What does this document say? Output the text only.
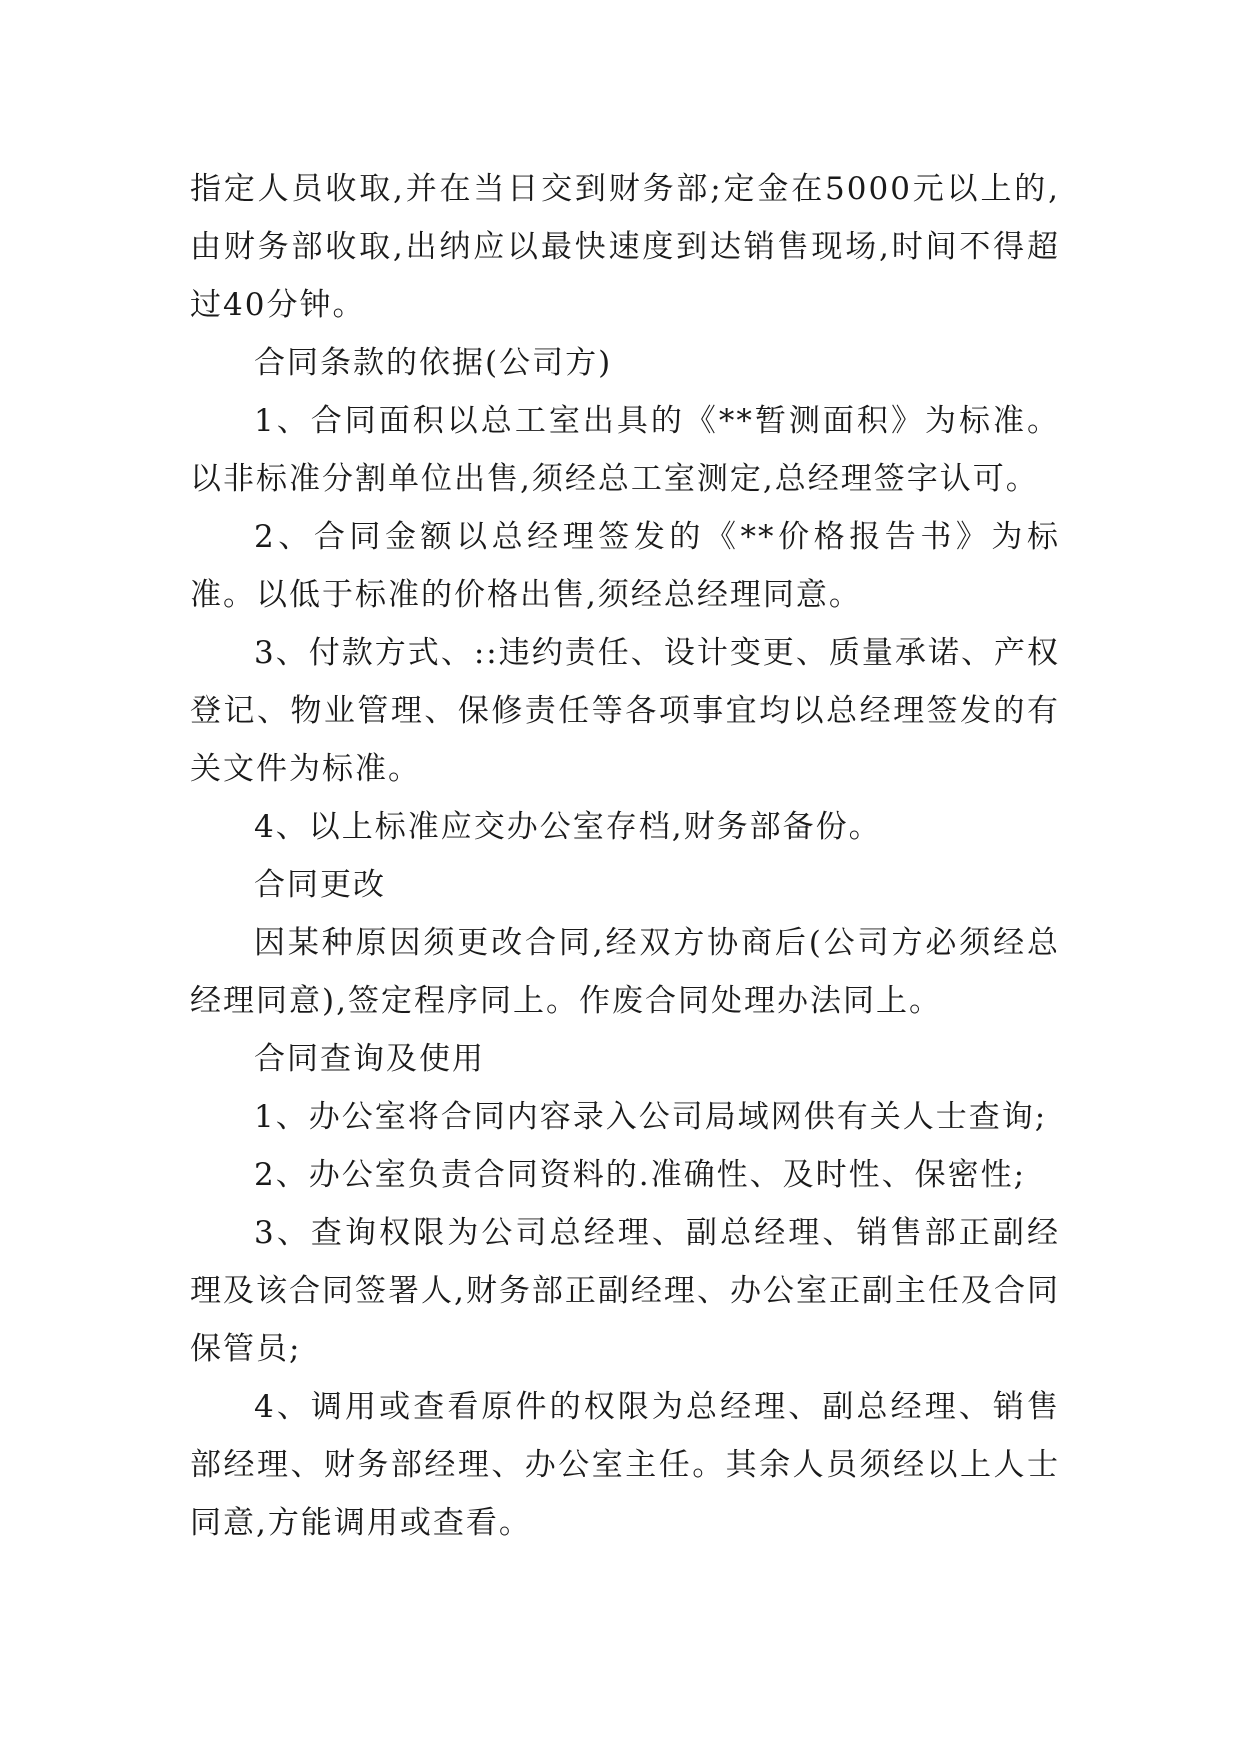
指定人员收取,并在当日交到财务部;定金在5000元以上的,由财务部收取,出纳应以最快速度到达销售现场,时间不得超过40分钟。

合同条款的依据(公司方)

1、合同面积以总工室出具的《**暂测面积》为标准。以非标准分割单位出售,须经总工室测定,总经理签字认可。

2、合同金额以总经理签发的《**价格报告书》为标准。以低于标准的价格出售,须经总经理同意。

3、付款方式、::违约责任、设计变更、质量承诺、产权登记、物业管理、保修责任等各项事宜均以总经理签发的有关文件为标准。

4、以上标准应交办公室存档,财务部备份。

合同更改

因某种原因须更改合同,经双方协商后(公司方必须经总经理同意),签定程序同上。作废合同处理办法同上。

合同查询及使用

1、办公室将合同内容录入公司局域网供有关人士查询;

2、办公室负责合同资料的.准确性、及时性、保密性;

3、查询权限为公司总经理、副总经理、销售部正副经理及该合同签署人,财务部正副经理、办公室正副主任及合同保管员;

4、调用或查看原件的权限为总经理、副总经理、销售部经理、财务部经理、办公室主任。其余人员须经以上人士同意,方能调用或查看。
